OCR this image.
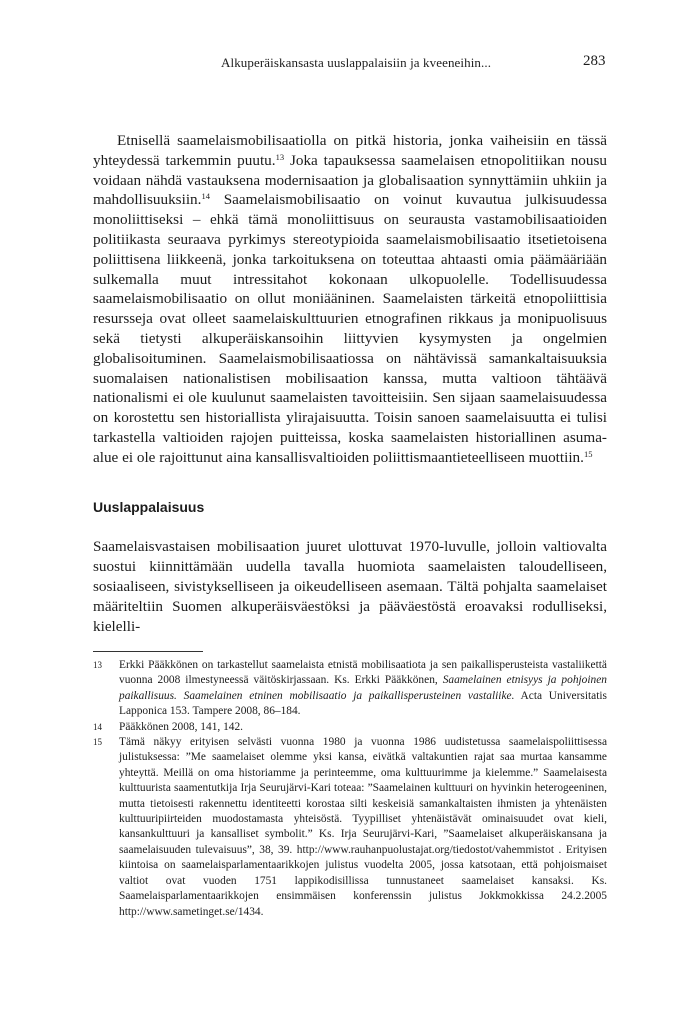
Alkuperäiskansasta uuslappalaisiin ja kveeneihin...	283

Etnisellä saamelaismobilisaatiolla on pitkä historia, jonka vaiheisiin en tässä yhteydessä tarkemmin puutu.$^{13}$ Joka tapauksessa saamelaisen etnopolitiikan nousu voidaan nähdä vastauksena modernisaation ja globalisaation synnyttämiin uhkiin ja mahdollisuuksiin.$^{14}$ Saamelaismobilisaatio on voinut kuvautua julkisuudessa monoliittiseksi – ehkä tämä monoliittisuus on seurausta vastamobilisaatioiden politiikasta seuraava pyrkimys stereotypioida saamelaismobilisaatio itsetietoisena poliittisena liikkeenä, jonka tarkoituksena on toteuttaa ahtaasti omia päämääriään sulkemalla muut intressitahot kokonaan ulkopuolelle. Todellisuudessa saamelaismobilisaatio on ollut moniääninen. Saamelaisten tärkeitä etnopoliittisia resursseja ovat olleet saamelaiskulttuurien etnografinen rikkaus ja monipuolisuus sekä tietysti alkuperäiskansoihin liittyvien kysymysten ja ongelmien globalisoituminen. Saamelaismobilisaatiossa on nähtävissä samankaltaisuuksia suomalaisen nationalistisen mobilisaation kanssa, mutta valtioon tähtäävä nationalismi ei ole kuulunut saamelaisten tavoitteisiin. Sen sijaan saamelaisuudessa on korostettu sen historiallista ylirajaisuutta. Toisin sanoen saamelaisuutta ei tulisi tarkastella valtioiden rajojen puitteissa, koska saamelaisten historiallinen asuma-alue ei ole rajoittunut aina kansallisvaltioiden poliittismaantieteelliseen muottiin.$^{15}$

Uuslappalaisuus

Saamelaisvastaisen mobilisaation juuret ulottuvat 1970-luvulle, jolloin valtiovalta suostui kiinnittämään uudella tavalla huomiota saamelaisten taloudelliseen, sosiaaliseen, sivistykselliseen ja oikeudelliseen asemaan. Tältä pohjalta saamelaiset määriteltiin Suomen alkuperäisväestöksi ja pääväestöstä eroavaksi rodulliseksi, kielelli-

13 Erkki Pääkkönen on tarkastellut saamelaista etnistä mobilisaatiota ja sen paikallisperusteista vastaliikettä vuonna 2008 ilmestyneessä väitöskirjassaan. Ks. Erkki Pääkkönen, Saamelainen etnisyys ja pohjoinen paikallisuus. Saamelainen etninen mobilisaatio ja paikallisperusteinen vastaliike. Acta Universitatis Lapponica 153. Tampere 2008, 86–184.

14 Pääkkönen 2008, 141, 142.

15 Tämä näkyy erityisen selvästi vuonna 1980 ja vuonna 1986 uudistetussa saamelaispoliittisessa julistuksessa: ”Me saamelaiset olemme yksi kansa, eivätkä valtakuntien rajat saa murtaa kansamme yhteyttä. Meillä on oma historiamme ja perinteemme, oma kulttuurimme ja kielemme.” Saamelaisesta kulttuurista saamentutkija Irja Seurujärvi-Kari toteaa: ”Saamelainen kulttuuri on hyvinkin heterogeeninen, mutta tietoisesti rakennettu identiteetti korostaa silti keskeisiä samankaltaisten ihmisten ja yhtenäisten kulttuuripiirteiden muodostamasta yhteisöstä. Tyypilliset yhtenäistävät ominaisuudet ovat kieli, kansankulttuuri ja kansalliset symbolit.” Ks. Irja Seurujärvi-Kari, ”Saamelaiset alkuperäiskansana ja saamelaisuuden tulevaisuus”, 38, 39. http://www.rauhanpuolustajat.org/tiedostot/vahemmistot . Erityisen kiintoisa on saamelaisparlamentaarikkojen julistus vuodelta 2005, jossa katsotaan, että pohjoismaiset valtiot ovat vuoden 1751 lappikodisillissa tunnustaneet saamelaiset kansaksi. Ks. Saamelaisparlamentaarikkojen ensimmäisen konferenssin julistus Jokkmokkissa 24.2.2005 http://www.sametinget.se/1434.
